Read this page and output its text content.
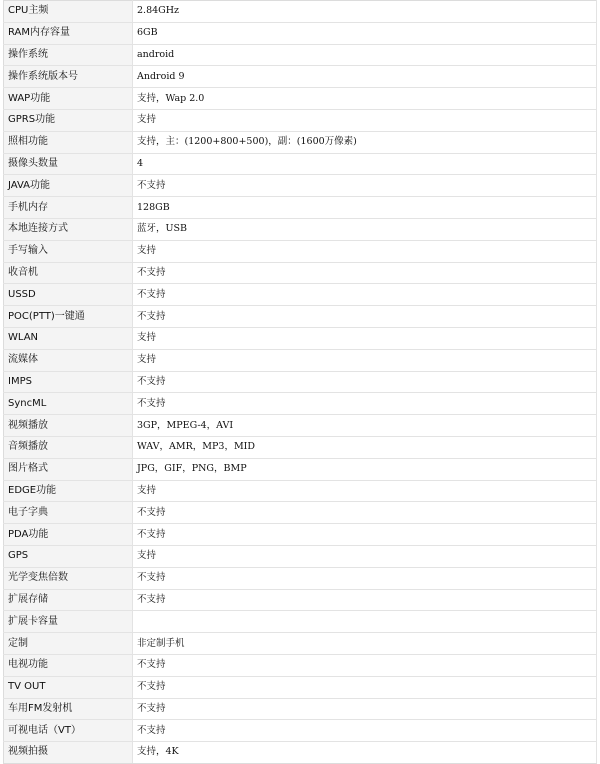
CPU主频	2.84GHz
RAM内存容量	6GB
操作系统	android
操作系统版本号	Android 9
WAP功能	支持，Wap 2.0
GPRS功能	支持
照相功能	支持，主：(1200+800+500)，副：(1600万像素)
摄像头数量	4
JAVA功能	不支持
手机内存	128GB
本地连接方式	蓝牙，USB
手写输入	支持
收音机	不支持
USSD	不支持
POC(PTT)一键通	不支持
WLAN	支持
流媒体	支持
IMPS	不支持
SyncML	不支持
视频播放	3GP，MPEG-4，AVI
音频播放	WAV，AMR，MP3，MID
图片格式	JPG，GIF，PNG，BMP
EDGE功能	支持
电子字典	不支持
PDA功能	不支持
GPS	支持
光学变焦倍数	不支持
扩展存储	不支持
扩展卡容量	
定制	非定制手机
电视功能	不支持
TV OUT	不支持
车用FM发射机	不支持
可视电话（VT）	不支持
视频拍摄	支持，4K
